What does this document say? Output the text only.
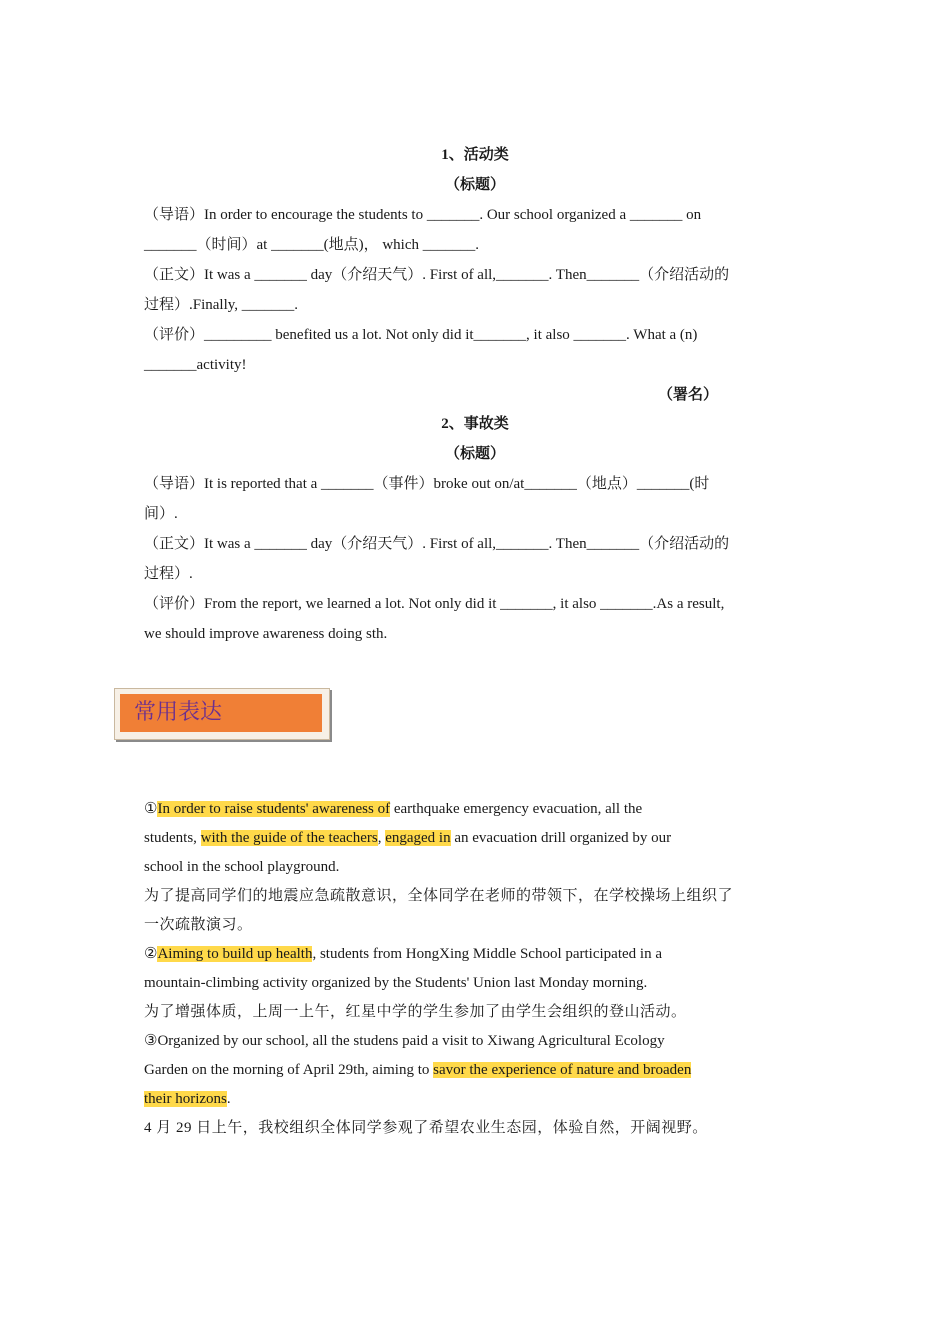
1、活动类
（标题）
（导语）In order to encourage the students to _______. Our school organized a _______ on
_______（时间）at _______(地点)， which _______.
（正文）It was a _______ day（介绍天气）. First of all,_______. Then_______（介绍活动的
过程）.Finally, _______.
（评价）_________ benefited us a lot. Not only did it_______, it also _______. What a (n)
_______activity!
（署名）
2、事故类
（标题）
（导语）It is reported that a _______（事件）broke out on/at_______（地点）_______(时
间）.
（正文）It was a _______ day（介绍天气）. First of all,_______. Then_______（介绍活动的
过程）.
（评价）From the report, we learned a lot. Not only did it _______, it also _______.As a result,
we should improve awareness doing sth.
①In order to raise students' awareness of earthquake emergency evacuation, all the
students, with the guide of the teachers, engaged in an evacuation drill organized by our
school in the school playground.
为了提高同学们的地震应急疏散意识，全体同学在老师的带领下，在学校操场上组织了
一次疏散演习。
②Aiming to build up health, students from HongXing Middle School participated in a
mountain-climbing activity organized by the Students' Union last Monday morning.
为了增强体质，上周一上午，红星中学的学生参加了由学生会组织的登山活动。
③Organized by our school, all the studens paid a visit to Xiwang Agricultural Ecology
Garden on the morning of April 29th, aiming to savor the experience of nature and broaden
their horizons.
4 月 29 日上午，我校组织全体同学参观了希望农业生态园，体验自然，开阔视野。
常用表达
